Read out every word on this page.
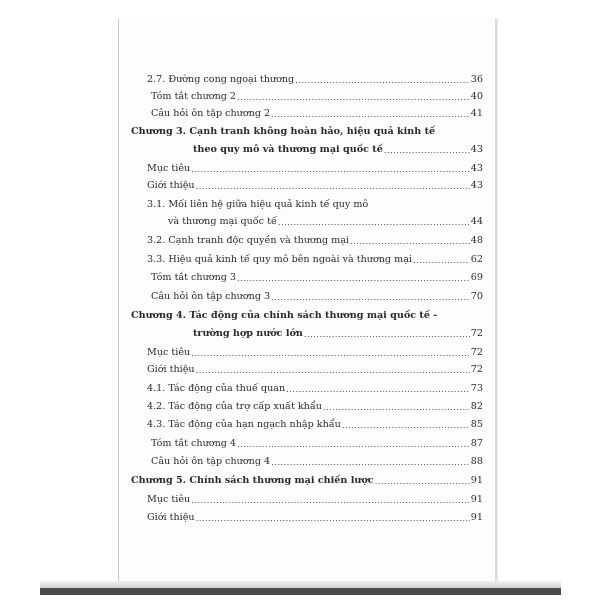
2.7. Đường cong ngoại thương .....	36
Tóm tắt chương 2 .....	40
Câu hỏi ôn tập chương 2 .....	41
Chương 3. Cạnh tranh không hoàn hảo, hiệu quả kinh tế
theo quy mô và thương mại quốc tế .....	43
Mục tiêu .....	43
Giới thiệu .....	43
3.1. Mối liên hệ giữa hiệu quả kinh tế quy mô
và thương mại quốc tế .....	44
3.2. Cạnh tranh độc quyền và thương mại .....	48
3.3. Hiệu quả kinh tế quy mô bên ngoài và thương mại .....	62
Tóm tắt chương 3 .....	69
Câu hỏi ôn tập chương 3 .....	70
Chương 4. Tác động của chính sách thương mại quốc tế -
trường hợp nước lớn .....	72
Mục tiêu .....	72
Giới thiệu .....	72
4.1. Tác động của thuế quan .....	73
4.2. Tác động của trợ cấp xuất khẩu .....	82
4.3. Tác động của hạn ngạch nhập khẩu .....	85
Tóm tắt chương 4 .....	87
Câu hỏi ôn tập chương 4 .....	88
Chương 5. Chính sách thương mại chiến lược .....	91
Mục tiêu .....	91
Giới thiệu .....	91
